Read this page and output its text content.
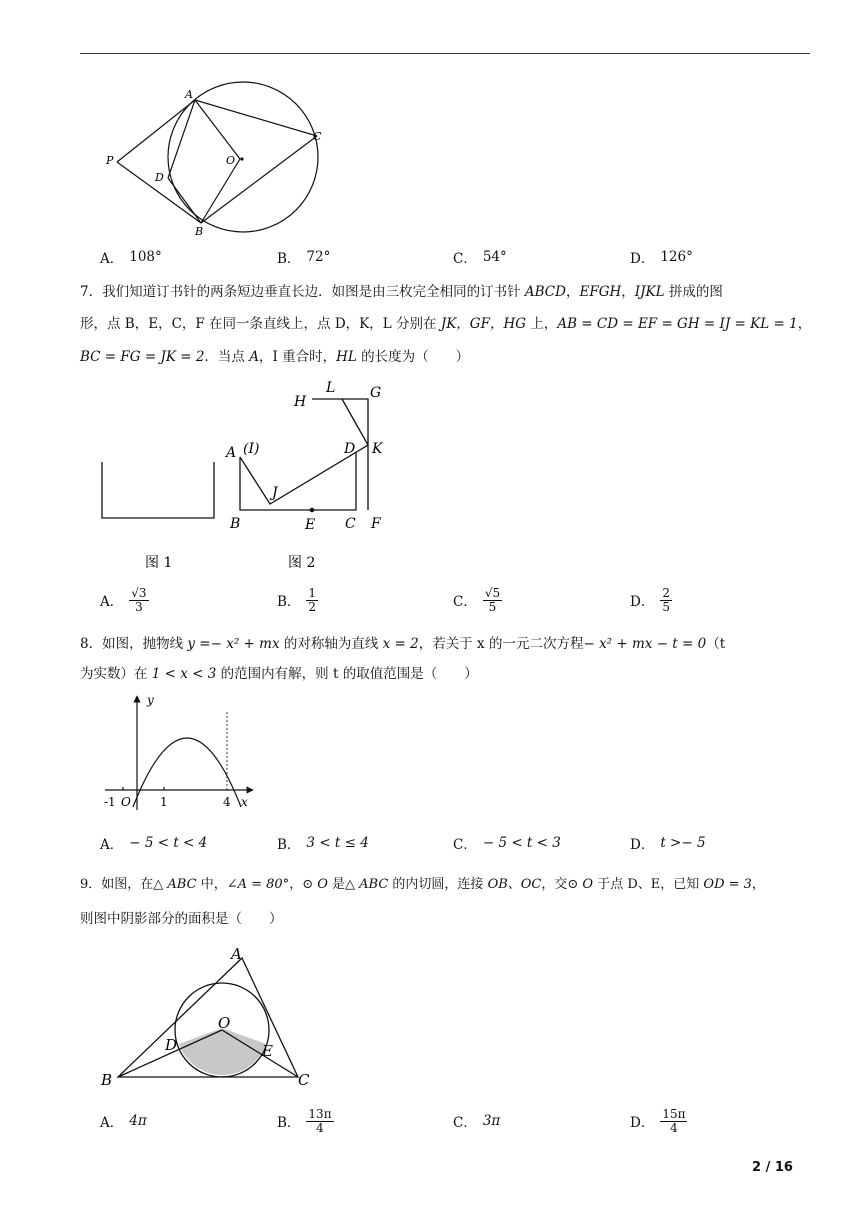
A
C
P	O
D
B
A． 108°	B． 72°	C． 54°	D． 126°
7．我们知道订书针的两条短边垂直长边．如图是由三枚完全相同的订书针 ABCD，EFGH，IJKL 拼成的图
形，点 B，E，C，F 在同一条直线上，点 D，K，L 分别在 JK，GF，HG 上，AB = CD = EF = GH = IJ = KL = 1，
BC = FG = JK = 2．当点 A，I 重合时，HL 的长度为（　　）
L G
H
A (I)	D K
J
B	E C F
图 1	图 2
A． $\frac{√3}{3}$	B． $\frac{1}{2}$	C． $\frac{√5}{5}$	D． $\frac{2}{5}$
8．如图，抛物线 y =− x² + mx 的对称轴为直线 x = 2，若关于 x 的一元二次方程− x² + mx − t = 0（t
为实数）在 1 < x < 3 的范围内有解，则 t 的取值范围是（　　）
y
-1 O 1	4 x
A． − 5 < t < 4	B． 3 < t ≤ 4	C． − 5 < t < 3	D． t >− 5
9．如图，在△ ABC 中，∠A = 80°，⊙ O 是△ ABC 的内切圆，连接 OB、OC，交⊙ O 于点 D、E，已知 OD = 3，
则图中阴影部分的面积是（　　）
A
O
D	E
B	C
A． 4π	B． $\frac{13\pi}{4}$	C． 3π	D． $\frac{15\pi}{4}$
2 / 16
